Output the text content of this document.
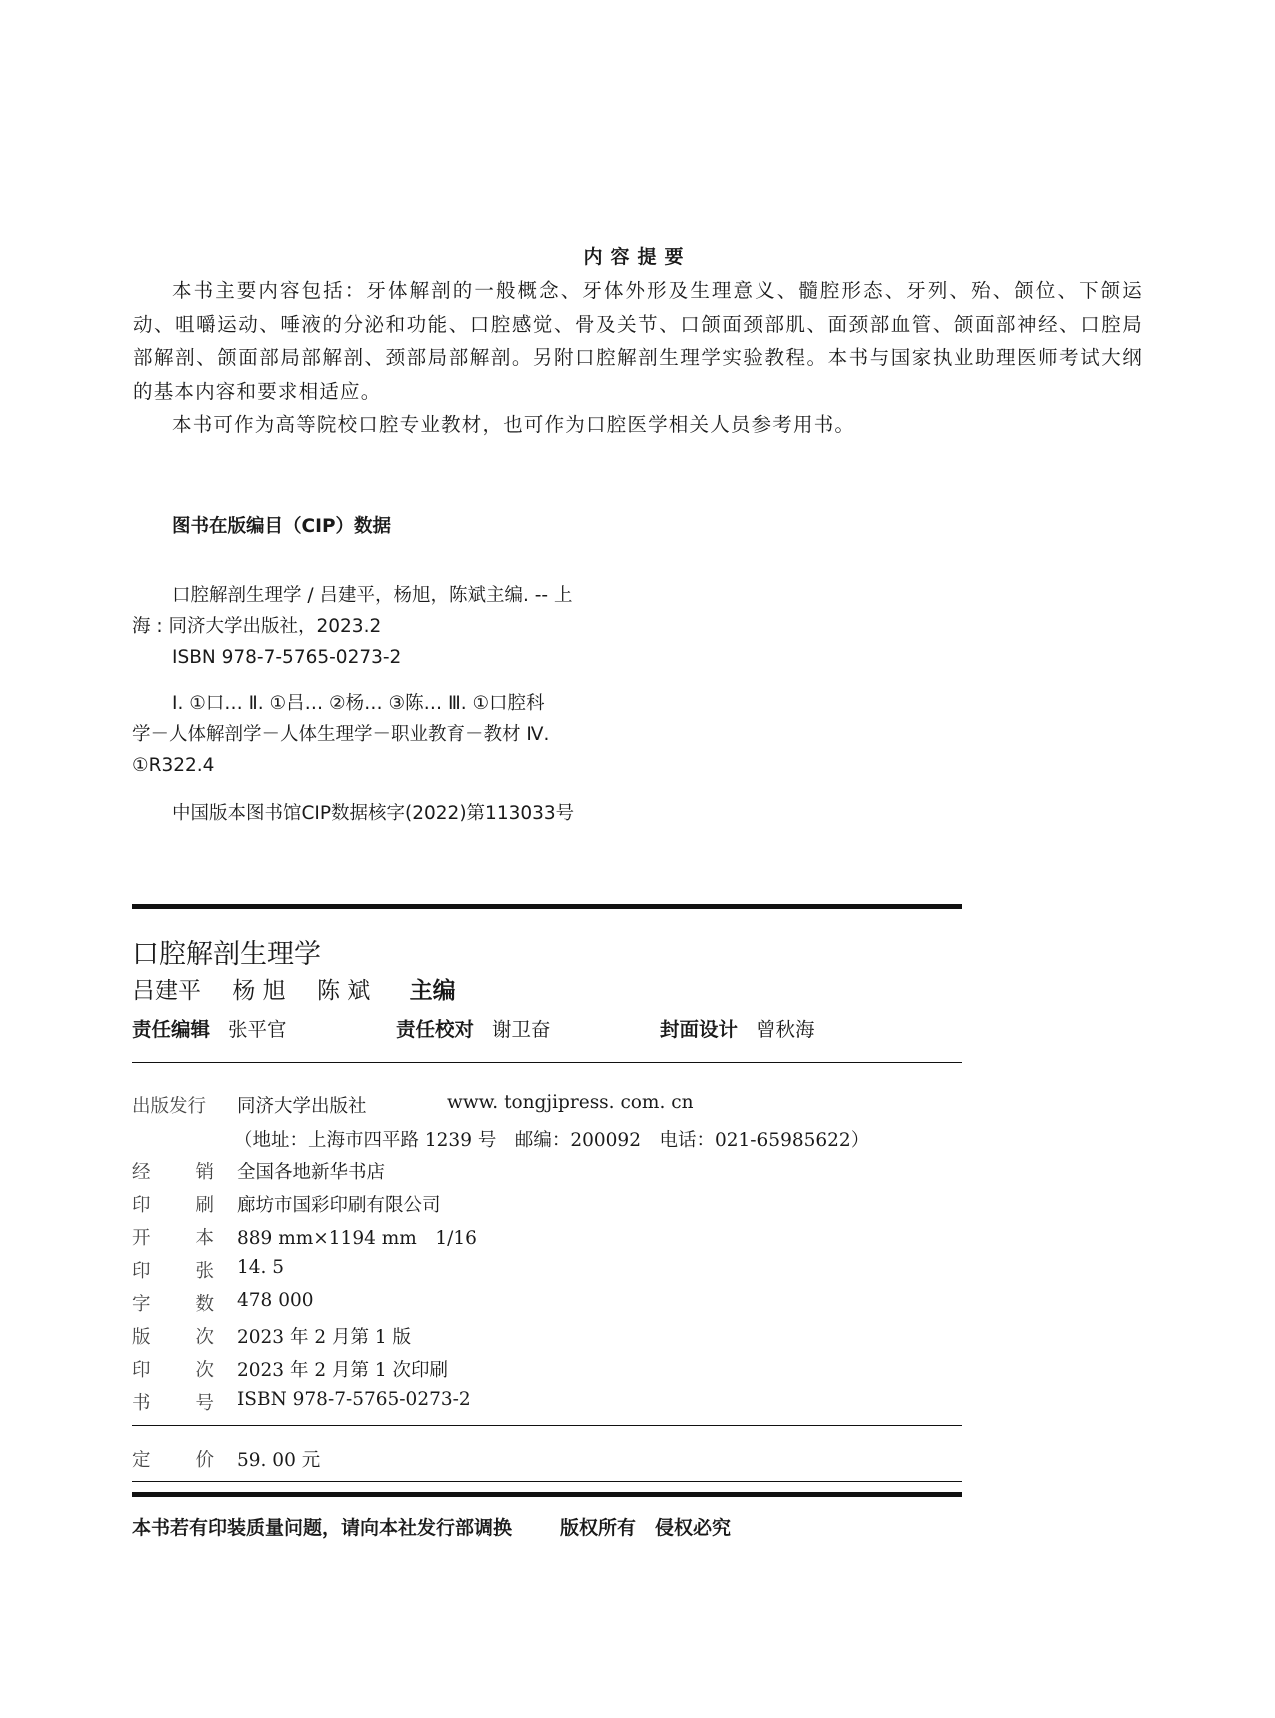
内容提要

本书主要内容包括：牙体解剖的一般概念、牙体外形及生理意义、髓腔形态、牙列、殆、颌位、下颌运动、咀嚼运动、唾液的分泌和功能、口腔感觉、骨及关节、口颌面颈部肌、面颈部血管、颌面部神经、口腔局部解剖、颌面部局部解剖、颈部局部解剖。另附口腔解剖生理学实验教程。本书与国家执业助理医师考试大纲的基本内容和要求相适应。

本书可作为高等院校口腔专业教材，也可作为口腔医学相关人员参考用书。

图书在版编目（CIP）数据
口腔解剖生理学 / 吕建平，杨旭，陈斌主编. -- 上
海 : 同济大学出版社，2023.2
ISBN 978-7-5765-0273-2
Ⅰ. ①口… Ⅱ. ①吕… ②杨… ③陈… Ⅲ. ①口腔科
学－人体解剖学－人体生理学－职业教育－教材 Ⅳ.
①R322.4
中国版本图书馆CIP数据核字(2022)第113033号
口腔解剖生理学
吕建平 杨 旭 陈 斌 主编
责任编辑 张平官	责任校对 谢卫奋	封面设计 曾秋海
出版发行	同济大学出版社	www. tongjipress. com. cn
（地址：上海市四平路 1239 号　邮编：200092　电话：021-65985622）
经 销 全国各地新华书店
印 刷 廊坊市国彩印刷有限公司
开 本 889 mm×1194 mm　1/16
印 张 14. 5
字 数 478 000
版 次 2023 年 2 月第 1 版
印 次 2023 年 2 月第 1 次印刷
书 号 ISBN 978-7-5765-0273-2
定 价 59. 00 元
本书若有印装质量问题，请向本社发行部调换	版权所有　侵权必究
